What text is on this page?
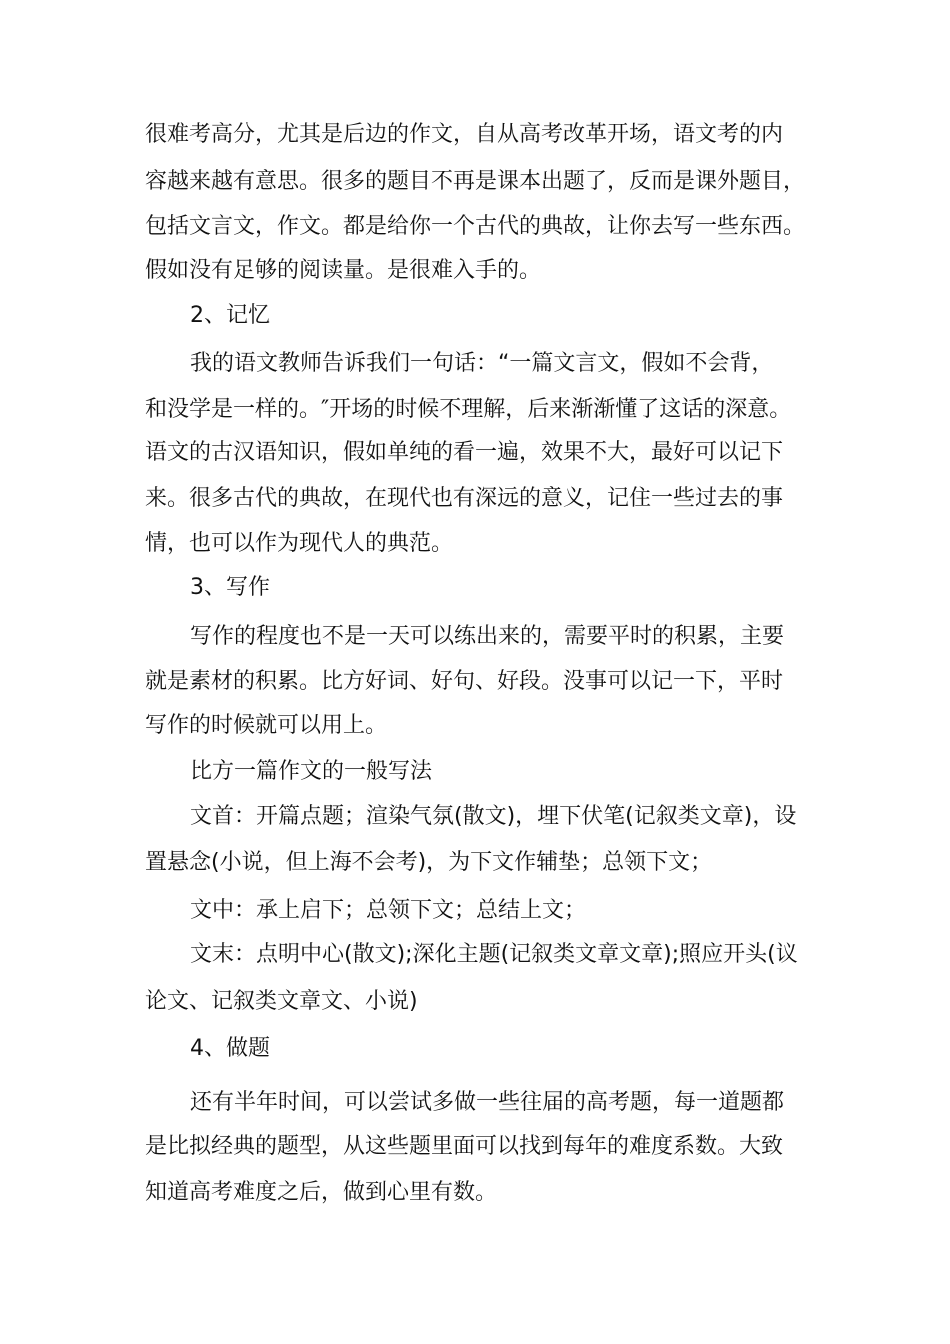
很难考高分，尤其是后边的作文，自从高考改革开场，语文考的内
容越来越有意思。很多的题目不再是课本出题了，反而是课外题目，
包括文言文，作文。都是给你一个古代的典故，让你去写一些东西。
假如没有足够的阅读量。是很难入手的。
2、记忆
我的语文教师告诉我们一句话：“一篇文言文，假如不会背，
和没学是一样的。″开场的时候不理解，后来渐渐懂了这话的深意。
语文的古汉语知识，假如单纯的看一遍，效果不大，最好可以记下
来。很多古代的典故，在现代也有深远的意义，记住一些过去的事
情，也可以作为现代人的典范。
3、写作
写作的程度也不是一天可以练出来的，需要平时的积累，主要
就是素材的积累。比方好词、好句、好段。没事可以记一下，平时
写作的时候就可以用上。
比方一篇作文的一般写法
文首：开篇点题；渲染气氛(散文)，埋下伏笔(记叙类文章)，设
置悬念(小说，但上海不会考)，为下文作辅垫；总领下文；
文中：承上启下；总领下文；总结上文；
文末：点明中心(散文);深化主题(记叙类文章文章);照应开头(议
论文、记叙类文章文、小说)
4、做题
还有半年时间，可以尝试多做一些往届的高考题，每一道题都
是比拟经典的题型，从这些题里面可以找到每年的难度系数。大致
知道高考难度之后，做到心里有数。
